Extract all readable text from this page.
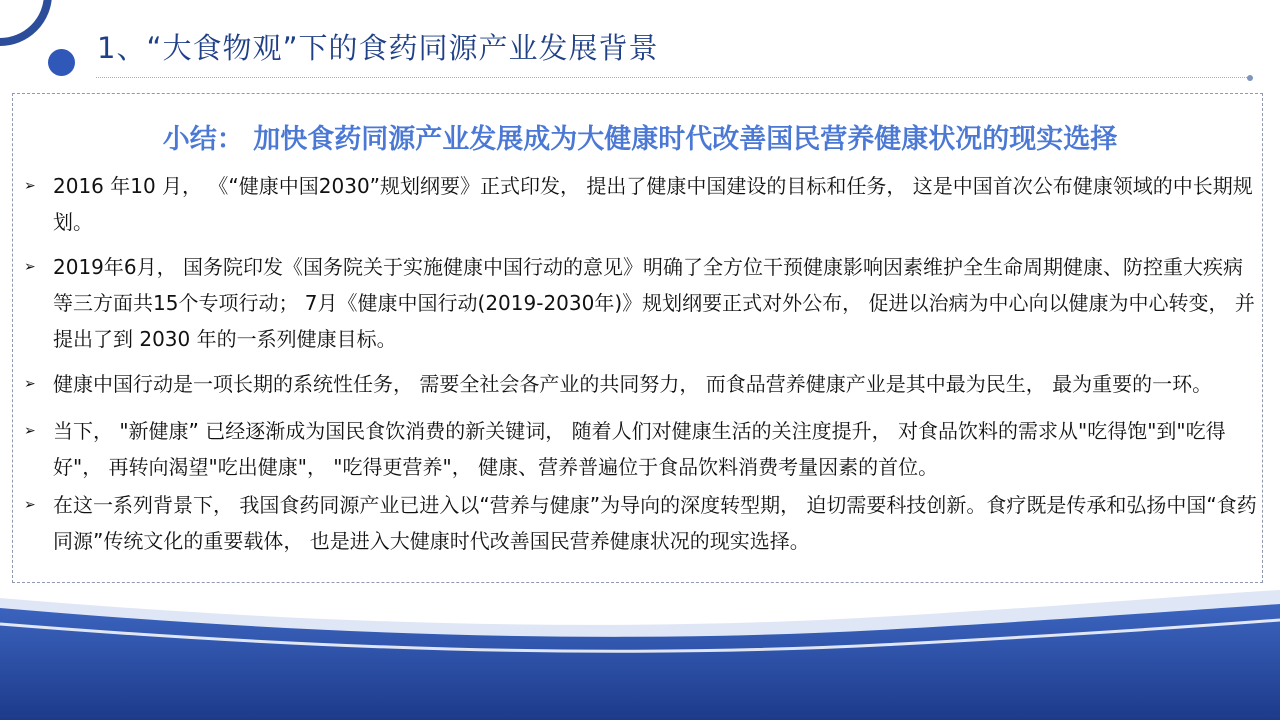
1、“大食物观”下的食药同源产业发展背景
小结： 加快食药同源产业发展成为大健康时代改善国民营养健康状况的现实选择
➢ 2016 年10 月， 《“健康中国2030”规划纲要》正式印发， 提出了健康中国建设的目标和任务， 这是中国首次公布健康领域的中长期规划。
➢ 2019年6月， 国务院印发《国务院关于实施健康中国行动的意见》明确了全方位干预健康影响因素维护全生命周期健康、防控重大疾病等三方面共15个专项行动； 7月《健康中国行动(2019-2030年)》规划纲要正式对外公布， 促进以治病为中心向以健康为中心转变， 并提出了到 2030 年的一系列健康目标。
➢ 健康中国行动是一项长期的系统性任务， 需要全社会各产业的共同努力， 而食品营养健康产业是其中最为民生， 最为重要的一环。
➢ 当下， "新健康” 已经逐渐成为国民食饮消费的新关键词， 随着人们对健康生活的关注度提升， 对食品饮料的需求从"吃得饱"到"吃得好"， 再转向渴望"吃出健康"， "吃得更营养"， 健康、营养普遍位于食品饮料消费考量因素的首位。
➢ 在这一系列背景下， 我国食药同源产业已进入以“营养与健康”为导向的深度转型期， 迫切需要科技创新。食疗既是传承和弘扬中国“食药同源”传统文化的重要载体， 也是进入大健康时代改善国民营养健康状况的现实选择。
